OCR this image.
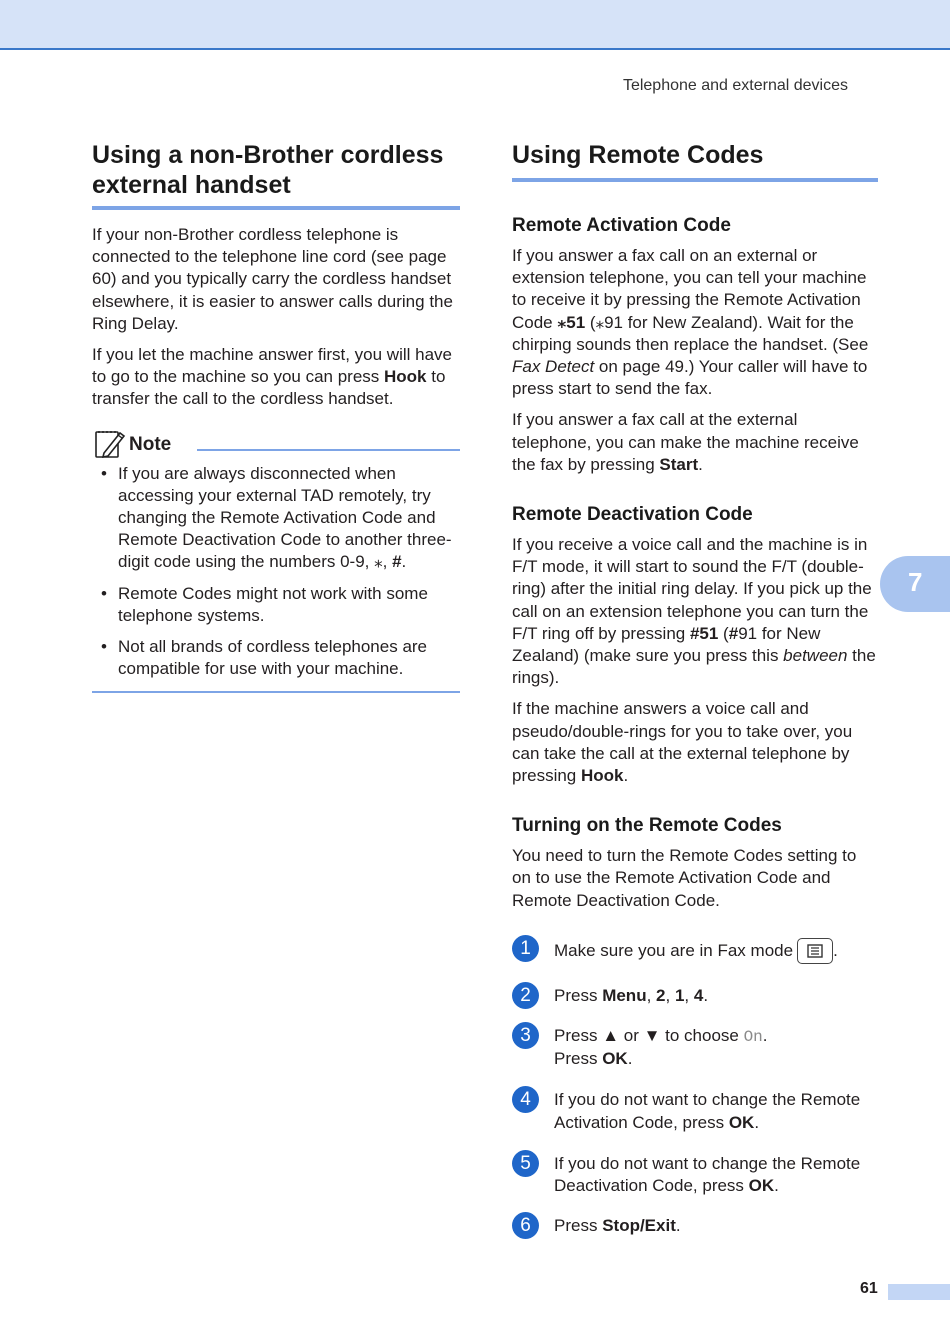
Telephone and external devices
Using a non-Brother cordless
external handset

If your non-Brother cordless telephone is connected to the telephone line cord (see page 60) and you typically carry the cordless handset elsewhere, it is easier to answer calls during the Ring Delay.

If you let the machine answer first, you will have to go to the machine so you can press Hook to transfer the call to the cordless handset.

Note
• If you are always disconnected when accessing your external TAD remotely, try changing the Remote Activation Code and Remote Deactivation Code to another three-digit code using the numbers 0-9, ⁎, #.
• Remote Codes might not work with some telephone systems.
• Not all brands of cordless telephones are compatible for use with your machine.
Using Remote Codes
Remote Activation Code

If you answer a fax call on an external or extension telephone, you can tell your machine to receive it by pressing the Remote Activation Code ⁎51 (⁎91 for New Zealand). Wait for the chirping sounds then replace the handset. (See Fax Detect on page 49.) Your caller will have to press start to send the fax.

If you answer a fax call at the external telephone, you can make the machine receive the fax by pressing Start.

Remote Deactivation Code

If you receive a voice call and the machine is in F/T mode, it will start to sound the F/T (double-ring) after the initial ring delay. If you pick up the call on an extension telephone you can turn the F/T ring off by pressing #51 (#91 for New Zealand) (make sure you press this between the rings).

If the machine answers a voice call and pseudo/double-rings for you to take over, you can take the call at the external telephone by pressing Hook.

Turning on the Remote Codes

You need to turn the Remote Codes setting to on to use the Remote Activation Code and Remote Deactivation Code.

1	Make sure you are in Fax mode .
2	Press Menu, 2, 1, 4.
3	Press ▲ or ▼ to choose On.
Press OK.
4	If you do not want to change the Remote Activation Code, press OK.
5	If you do not want to change the Remote Deactivation Code, press OK.
6	Press Stop/Exit.
7
61
